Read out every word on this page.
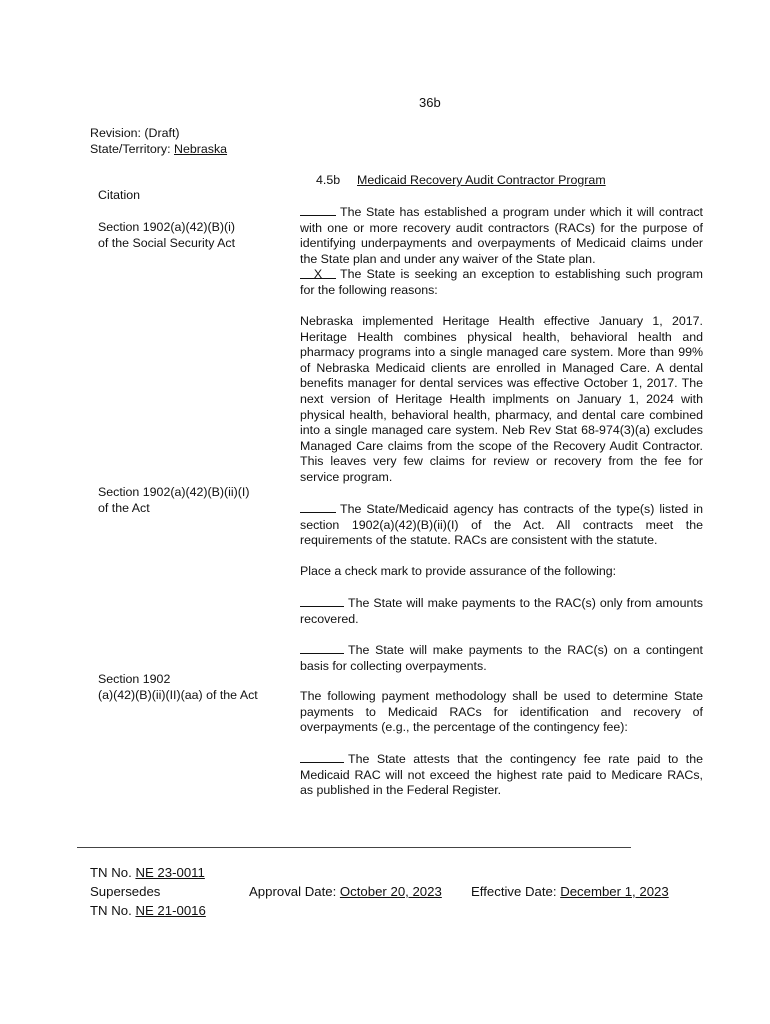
36b
Revision: (Draft)
State/Territory: Nebraska
Citation
Section 1902(a)(42)(B)(i)
of the Social Security Act
Section 1902(a)(42)(B)(ii)(I)
of the Act
Section 1902
(a)(42)(B)(ii)(II)(aa) of the Act
4.5b Medicaid Recovery Audit Contractor Program
The State has established a program under which it will contract with one or more recovery audit contractors (RACs) for the purpose of identifying underpayments and overpayments of Medicaid claims under the State plan and under any waiver of the State plan.
X The State is seeking an exception to establishing such program for the following reasons:
Nebraska implemented Heritage Health effective January 1, 2017. Heritage Health combines physical health, behavioral health and pharmacy programs into a single managed care system. More than 99% of Nebraska Medicaid clients are enrolled in Managed Care. A dental benefits manager for dental services was effective October 1, 2017. The next version of Heritage Health implments on January 1, 2024 with physical health, behavioral health, pharmacy, and dental care combined into a single managed care system. Neb Rev Stat 68-974(3)(a) excludes Managed Care claims from the scope of the Recovery Audit Contractor. This leaves very few claims for review or recovery from the fee for service program.
The State/Medicaid agency has contracts of the type(s) listed in section 1902(a)(42)(B)(ii)(I) of the Act. All contracts meet the requirements of the statute. RACs are consistent with the statute.
Place a check mark to provide assurance of the following:
The State will make payments to the RAC(s) only from amounts recovered.
The State will make payments to the RAC(s) on a contingent basis for collecting overpayments.
The following payment methodology shall be used to determine State payments to Medicaid RACs for identification and recovery of overpayments (e.g., the percentage of the contingency fee):
The State attests that the contingency fee rate paid to the Medicaid RAC will not exceed the highest rate paid to Medicare RACs, as published in the Federal Register.
TN No. NE 23-0011
Supersedes
TN No. NE 21-0016
Approval Date: October 20, 2023 Effective Date: December 1, 2023
